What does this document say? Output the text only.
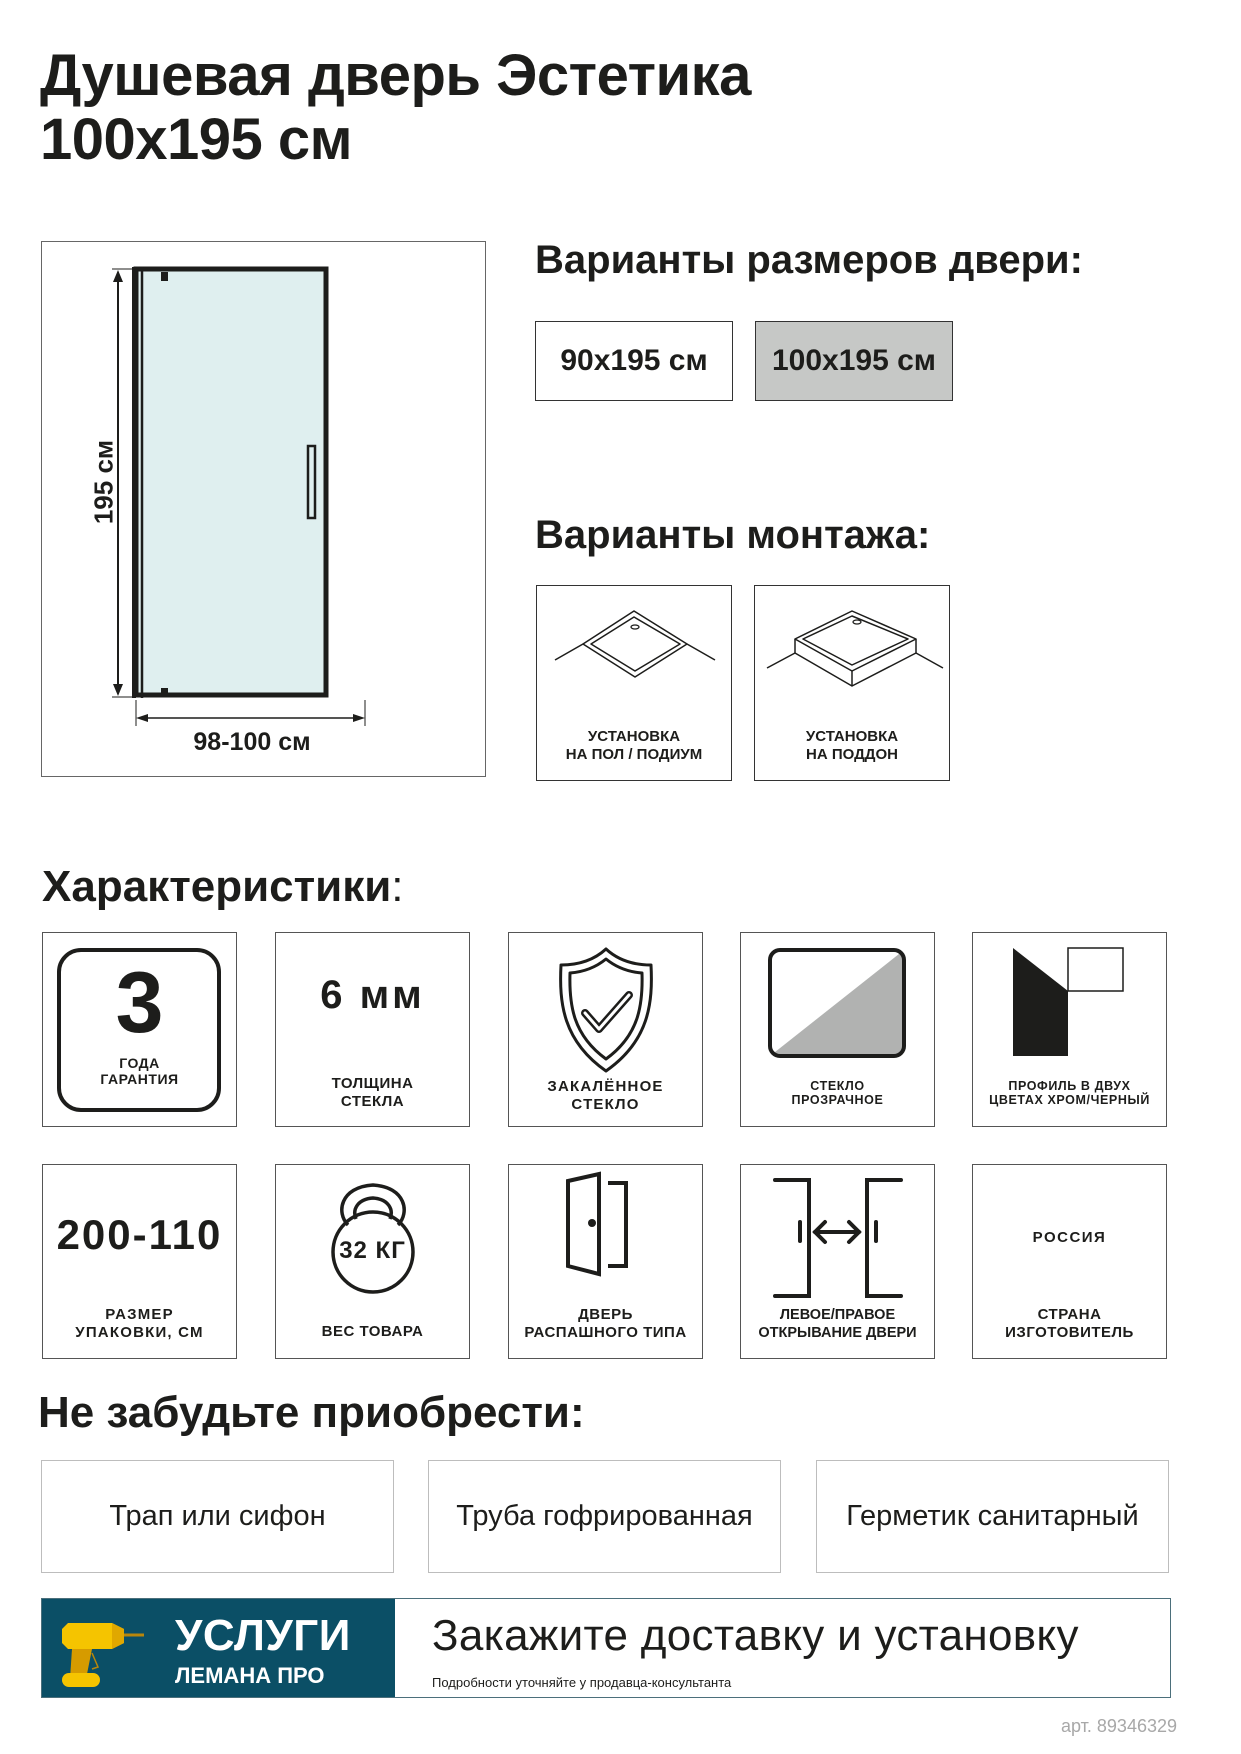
Душевая дверь Эстетика
100x195 см
195 см
98-100 см
Варианты размеров двери:
90x195 см	100x195 см
Варианты монтажа:
УСТАНОВКА
НА ПОЛ / ПОДИУМ
УСТАНОВКА
НА ПОДДОН
Характеристики:
3
ГОДА
ГАРАНТИЯ
6 мм
ТОЛЩИНА
СТЕКЛА
ЗАКАЛЁННОЕ
СТЕКЛО
СТЕКЛО
ПРОЗРАЧНОЕ
ПРОФИЛЬ В ДВУХ
ЦВЕТАХ ХРОМ/ЧЕРНЫЙ
200-110
РАЗМЕР
УПАКОВКИ, СМ
32 КГ
ВЕС ТОВАРА
ДВЕРЬ
РАСПАШНОГО ТИПА
ЛЕВОЕ/ПРАВОЕ
ОТКРЫВАНИЕ ДВЕРИ
РОССИЯ
СТРАНА
ИЗГОТОВИТЕЛЬ
Не забудьте приобрести:
Трап или сифон	Труба гофрированная	Герметик санитарный
УСЛУГИ
ЛЕМАНА ПРО
Закажите доставку и установку
Подробности уточняйте у продавца-консультанта
арт. 89346329
